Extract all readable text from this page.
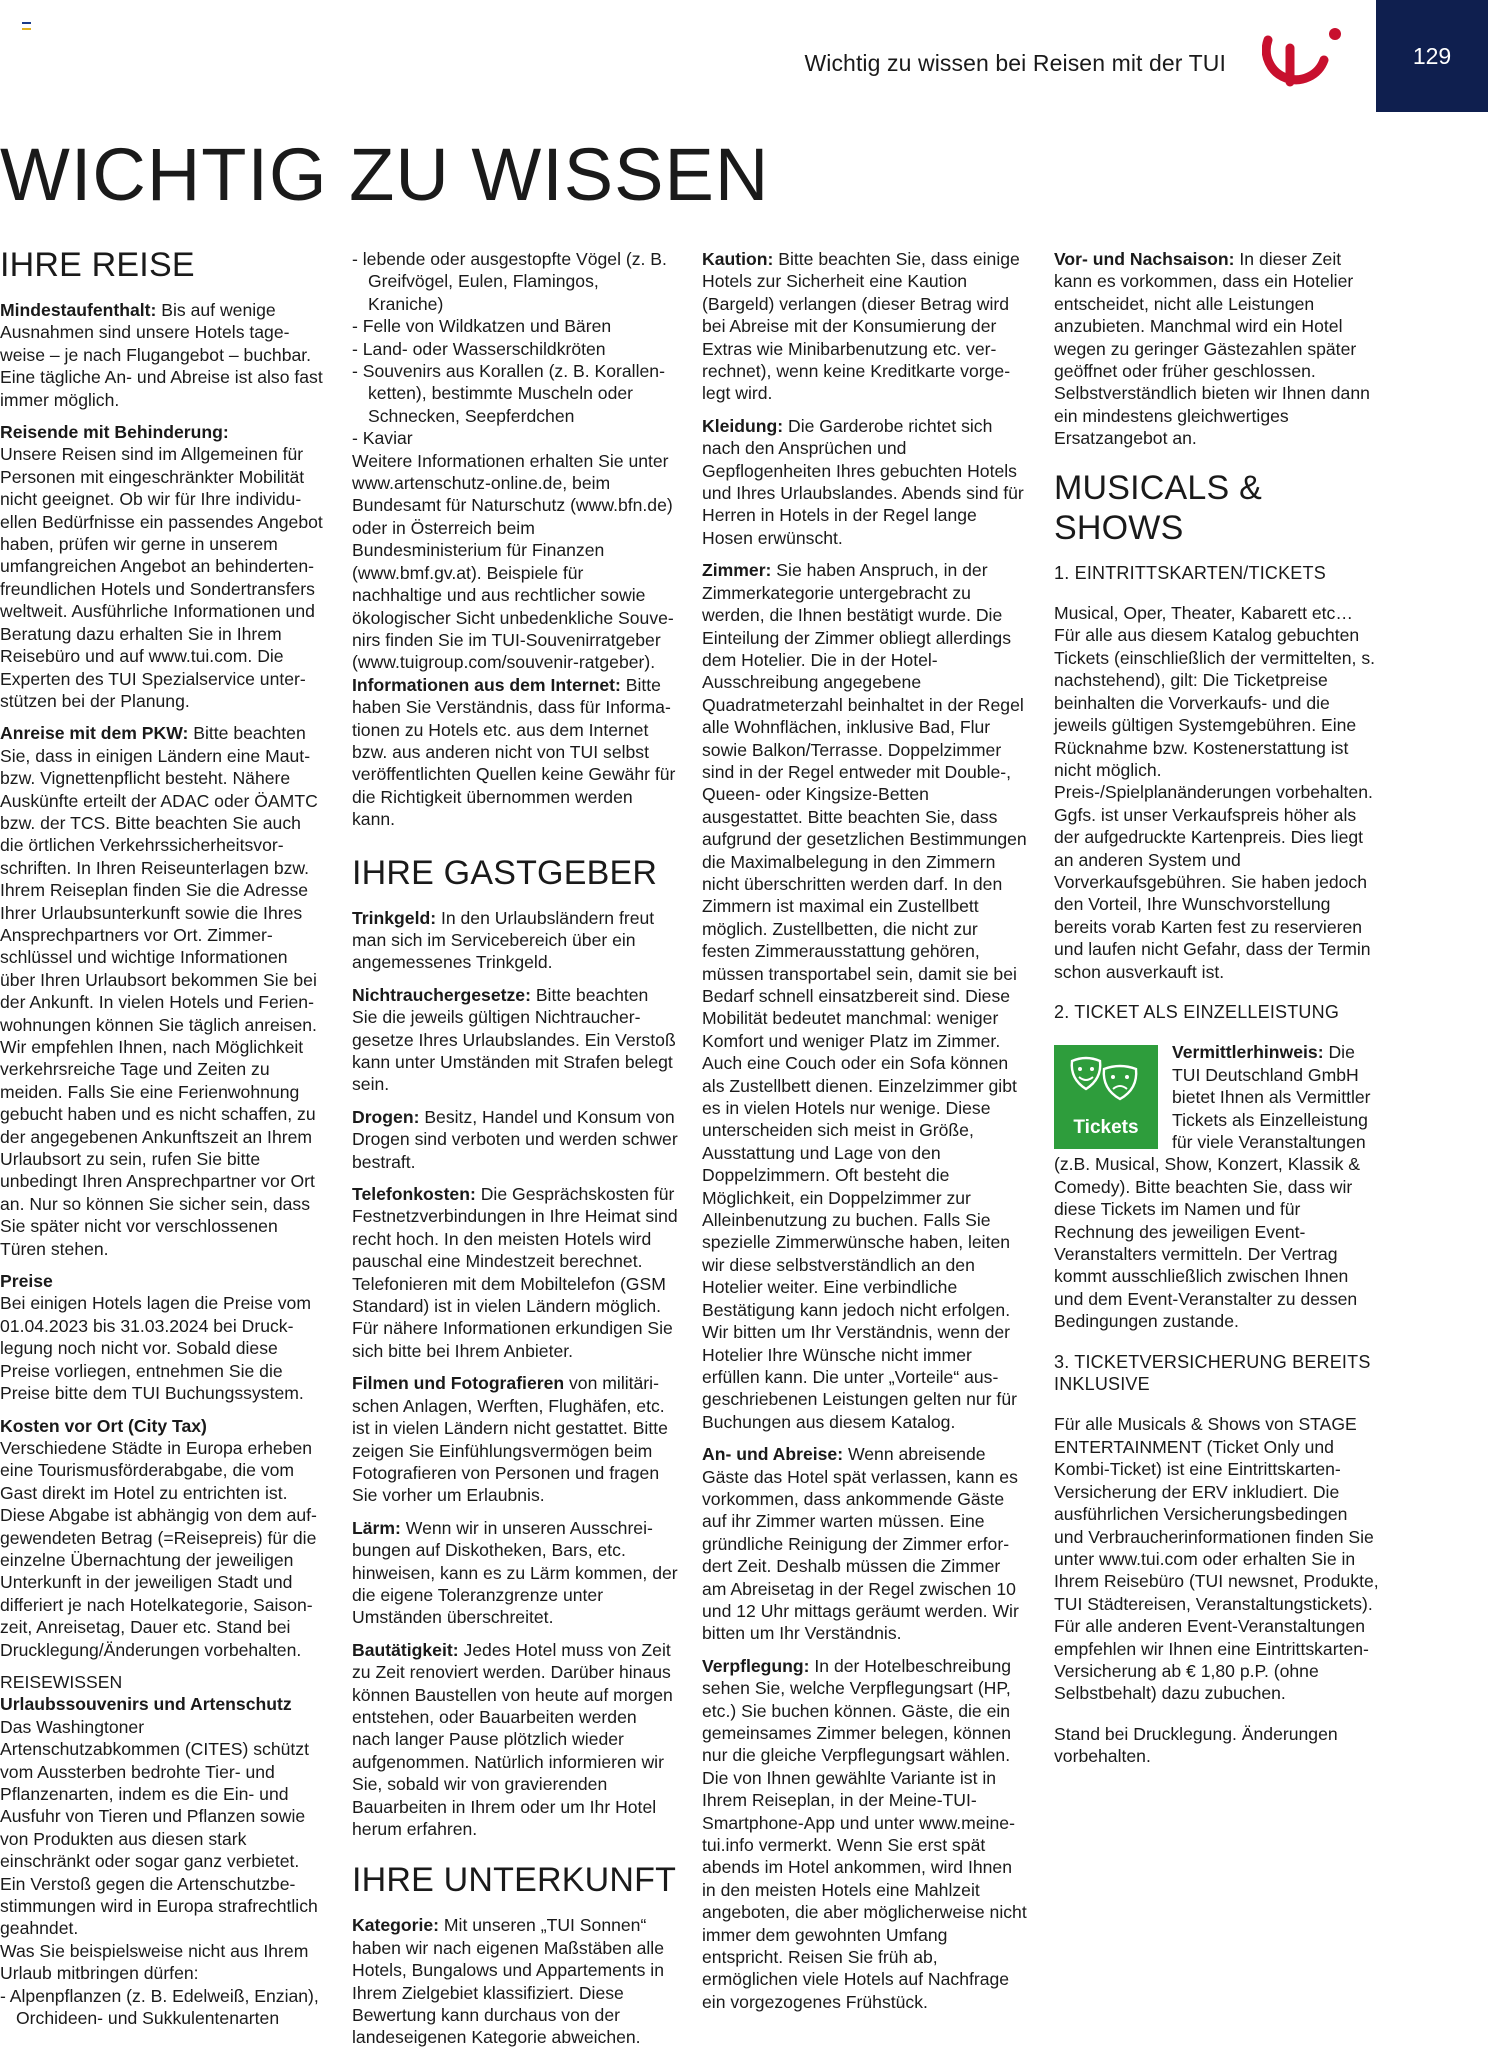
Wichtig zu wissen bei Reisen mit der TUI	129
WICHTIG ZU WISSEN
IHRE REISE

Mindestaufenthalt: Bis auf wenige Ausnahmen sind unsere Hotels tageweise – je nach Flugangebot – buchbar. Eine tägliche An- und Abreise ist also fast immer möglich.

Reisende mit Behinderung:
Unsere Reisen sind im Allgemeinen für Personen mit eingeschränkter Mobilität nicht geeignet. Ob wir für Ihre individuellen Bedürfnisse ein passendes Angebot haben, prüfen wir gerne in unserem umfangreichen Angebot an behindertenfreundlichen Hotels und Sondertransfers weltweit. Ausführliche Informationen und Beratung dazu erhalten Sie in Ihrem Reisebüro und auf www.tui.com. Die Experten des TUI Spezialservice unterstützen bei der Planung.

Anreise mit dem PKW: Bitte beachten Sie, dass in einigen Ländern eine Maut- bzw. Vignettenpflicht besteht. Nähere Auskünfte erteilt der ADAC oder ÖAMTC bzw. der TCS. Bitte beachten Sie auch die örtlichen Verkehrssicherheitsvorschriften. In Ihren Reiseunterlagen bzw. Ihrem Reiseplan finden Sie die Adresse Ihrer Urlaubsunterkunft sowie die Ihres Ansprechpartners vor Ort. Zimmerschlüssel und wichtige Informationen über Ihren Urlaubsort bekommen Sie bei der Ankunft. In vielen Hotels und Ferienwohnungen können Sie täglich anreisen. Wir empfehlen Ihnen, nach Möglichkeit verkehrsreiche Tage und Zeiten zu meiden. Falls Sie eine Ferienwohnung gebucht haben und es nicht schaffen, zu der angegebenen Ankunftszeit an Ihrem Urlaubsort zu sein, rufen Sie bitte unbedingt Ihren Ansprechpartner vor Ort an. Nur so können Sie sicher sein, dass Sie später nicht vor verschlossenen Türen stehen.

Preise
Bei einigen Hotels lagen die Preise vom 01.04.2023 bis 31.03.2024 bei Drucklegung noch nicht vor. Sobald diese Preise vorliegen, entnehmen Sie die Preise bitte dem TUI Buchungssystem.

Kosten vor Ort (City Tax)
Verschiedene Städte in Europa erheben eine Tourismusförderabgabe, die vom Gast direkt im Hotel zu entrichten ist. Diese Abgabe ist abhängig von dem aufgewendeten Betrag (=Reisepreis) für die einzelne Übernachtung der jeweiligen Unterkunft in der jeweiligen Stadt und differiert je nach Hotelkategorie, Saisonzeit, Anreisetag, Dauer etc. Stand bei Drucklegung/Änderungen vorbehalten.

REISEWISSEN
Urlaubssouvenirs und Artenschutz
Das Washingtoner Artenschutzabkommen (CITES) schützt vom Aussterben bedrohte Tier- und Pflanzenarten, indem es die Ein- und Ausfuhr von Tieren und Pflanzen sowie von Produkten aus diesen stark einschränkt oder sogar ganz verbietet. Ein Verstoß gegen die Artenschutzbestimmungen wird in Europa strafrechtlich geahndet.

Was Sie beispielsweise nicht aus Ihrem Urlaub mitbringen dürfen:

- Alpenpflanzen (z. B. Edelweiß, Enzian), Orchideen- und Sukkulentenarten
- lebende oder ausgestopfte Vögel (z. B. Greifvögel, Eulen, Flamingos, Kraniche)
- Felle von Wildkatzen und Bären
- Land- oder Wasserschildkröten
- Souvenirs aus Korallen (z. B. Korallenketten), bestimmte Muscheln oder Schnecken, Seepferdchen
- Kaviar

Weitere Informationen erhalten Sie unter www.artenschutz-online.de, beim Bundesamt für Naturschutz (www.bfn.de) oder in Österreich beim Bundesministerium für Finanzen (www.bmf.gv.at). Beispiele für nachhaltige und aus rechtlicher sowie ökologischer Sicht unbedenkliche Souvenirs finden Sie im TUI-Souvenirratgeber (www.tuigroup.com/souvenir-ratgeber).

Informationen aus dem Internet: Bitte haben Sie Verständnis, dass für Informationen zu Hotels etc. aus dem Internet bzw. aus anderen nicht von TUI selbst veröffentlichten Quellen keine Gewähr für die Richtigkeit übernommen werden kann.

IHRE GASTGEBER

Trinkgeld: In den Urlaubsländern freut man sich im Servicebereich über ein angemessenes Trinkgeld.

Nichtrauchergesetze: Bitte beachten Sie die jeweils gültigen Nichtrauchergesetze Ihres Urlaubslandes. Ein Verstoß kann unter Umständen mit Strafen belegt sein.

Drogen: Besitz, Handel und Konsum von Drogen sind verboten und werden schwer bestraft.

Telefonkosten: Die Gesprächskosten für Festnetzverbindungen in Ihre Heimat sind recht hoch. In den meisten Hotels wird pauschal eine Mindestzeit berechnet. Telefonieren mit dem Mobiltelefon (GSM Standard) ist in vielen Ländern möglich. Für nähere Informationen erkundigen Sie sich bitte bei Ihrem Anbieter.

Filmen und Fotografieren von militärischen Anlagen, Werften, Flughäfen, etc. ist in vielen Ländern nicht gestattet. Bitte zeigen Sie Einfühlungsvermögen beim Fotografieren von Personen und fragen Sie vorher um Erlaubnis.

Lärm: Wenn wir in unseren Ausschreibungen auf Diskotheken, Bars, etc. hinweisen, kann es zu Lärm kommen, der die eigene Toleranzgrenze unter Umständen überschreitet.

Bautätigkeit: Jedes Hotel muss von Zeit zu Zeit renoviert werden. Darüber hinaus können Baustellen von heute auf morgen entstehen, oder Bauarbeiten werden nach langer Pause plötzlich wieder aufgenommen. Natürlich informieren wir Sie, sobald wir von gravierenden Bauarbeiten in Ihrem oder um Ihr Hotel herum erfahren.

IHRE UNTERKUNFT

Kategorie: Mit unseren „TUI Sonnen“ haben wir nach eigenen Maßstäben alle Hotels, Bungalows und Appartements in Ihrem Zielgebiet klassifiziert. Diese Bewertung kann durchaus von der landeseigenen Kategorie abweichen.

Kaution: Bitte beachten Sie, dass einige Hotels zur Sicherheit eine Kaution (Bargeld) verlangen (dieser Betrag wird bei Abreise mit der Konsumierung der Extras wie Minibarbenutzung etc. verrechnet), wenn keine Kreditkarte vorgelegt wird.

Kleidung: Die Garderobe richtet sich nach den Ansprüchen und Gepflogenheiten Ihres gebuchten Hotels und Ihres Urlaubslandes. Abends sind für Herren in Hotels in der Regel lange Hosen erwünscht.

Zimmer: Sie haben Anspruch, in der Zimmerkategorie untergebracht zu werden, die Ihnen bestätigt wurde. Die Einteilung der Zimmer obliegt allerdings dem Hotelier. Die in der Hotel-Ausschreibung angegebene Quadratmeterzahl beinhaltet in der Regel alle Wohnflächen, inklusive Bad, Flur sowie Balkon/Terrasse. Doppelzimmer sind in der Regel entweder mit Double-, Queen- oder Kingsize-Betten ausgestattet. Bitte beachten Sie, dass aufgrund der gesetzlichen Bestimmungen die Maximalbelegung in den Zimmern nicht überschritten werden darf. In den Zimmern ist maximal ein Zustellbett möglich. Zustellbetten, die nicht zur festen Zimmerausstattung gehören, müssen transportabel sein, damit sie bei Bedarf schnell einsatzbereit sind. Diese Mobilität bedeutet manchmal: weniger Komfort und weniger Platz im Zimmer. Auch eine Couch oder ein Sofa können als Zustellbett dienen. Einzelzimmer gibt es in vielen Hotels nur wenige. Diese unterscheiden sich meist in Größe, Ausstattung und Lage von den Doppelzimmern. Oft besteht die Möglichkeit, ein Doppelzimmer zur Alleinbenutzung zu buchen. Falls Sie spezielle Zimmerwünsche haben, leiten wir diese selbstverständlich an den Hotelier weiter. Eine verbindliche Bestätigung kann jedoch nicht erfolgen. Wir bitten um Ihr Verständnis, wenn der Hotelier Ihre Wünsche nicht immer erfüllen kann. Die unter „Vorteile“ ausgeschriebenen Leistungen gelten nur für Buchungen aus diesem Katalog.

An- und Abreise: Wenn abreisende Gäste das Hotel spät verlassen, kann es vorkommen, dass ankommende Gäste auf ihr Zimmer warten müssen. Eine gründliche Reinigung der Zimmer erfordert Zeit. Deshalb müssen die Zimmer am Abreisetag in der Regel zwischen 10 und 12 Uhr mittags geräumt werden. Wir bitten um Ihr Verständnis.

Verpflegung: In der Hotelbeschreibung sehen Sie, welche Verpflegungsart (HP, etc.) Sie buchen können. Gäste, die ein gemeinsames Zimmer belegen, können nur die gleiche Verpflegungsart wählen. Die von Ihnen gewählte Variante ist in Ihrem Reiseplan, in der Meine-TUI-Smartphone-App und unter www.meine-tui.info vermerkt. Wenn Sie erst spät abends im Hotel ankommen, wird Ihnen in den meisten Hotels eine Mahlzeit angeboten, die aber möglicherweise nicht immer dem gewohnten Umfang entspricht. Reisen Sie früh ab, ermöglichen viele Hotels auf Nachfrage ein vorgezogenes Frühstück.

Vor- und Nachsaison: In dieser Zeit kann es vorkommen, dass ein Hotelier entscheidet, nicht alle Leistungen anzubieten. Manchmal wird ein Hotel wegen zu geringer Gästezahlen später geöffnet oder früher geschlossen. Selbstverständlich bieten wir Ihnen dann ein mindestens gleichwertiges Ersatzangebot an.

MUSICALS & SHOWS

1. EINTRITTSKARTEN/TICKETS

Musical, Oper, Theater, Kabarett etc… Für alle aus diesem Katalog gebuchten Tickets (einschließlich der vermittelten, s. nachstehend), gilt: Die Ticketpreise beinhalten die Vorverkaufs- und die jeweils gültigen Systemgebühren. Eine Rücknahme bzw. Kostenerstattung ist nicht möglich. Preis-/Spielplanänderungen vorbehalten. Ggfs. ist unser Verkaufspreis höher als der aufgedruckte Kartenpreis. Dies liegt an anderen System und Vorverkaufsgebühren. Sie haben jedoch den Vorteil, Ihre Wunschvorstellung bereits vorab Karten fest zu reservieren und laufen nicht Gefahr, dass der Termin schon ausverkauft ist.

2. TICKET ALS EINZELLEISTUNG

Tickets

Vermittlerhinweis: Die TUI Deutschland GmbH bietet Ihnen als Vermittler Tickets als Einzelleistung für viele Veranstaltungen (z.B. Musical, Show, Konzert, Klassik & Comedy). Bitte beachten Sie, dass wir diese Tickets im Namen und für Rechnung des jeweiligen Event-Veranstalters vermitteln. Der Vertrag kommt ausschließlich zwischen Ihnen und dem Event-Veranstalter zu dessen Bedingungen zustande.

3. TICKETVERSICHERUNG BEREITS INKLUSIVE

Für alle Musicals & Shows von STAGE ENTERTAINMENT (Ticket Only und Kombi-Ticket) ist eine Eintrittskarten-Versicherung der ERV inkludiert. Die ausführlichen Versicherungsbedingen und Verbraucherinformationen finden Sie unter www.tui.com oder erhalten Sie in Ihrem Reisebüro (TUI newsnet, Produkte, TUI Städtereisen, Veranstaltungstickets). Für alle anderen Event-Veranstaltungen empfehlen wir Ihnen eine Eintrittskarten-Versicherung ab € 1,80 p.P. (ohne Selbstbehalt) dazu zubuchen.

Stand bei Drucklegung. Änderungen vorbehalten.
